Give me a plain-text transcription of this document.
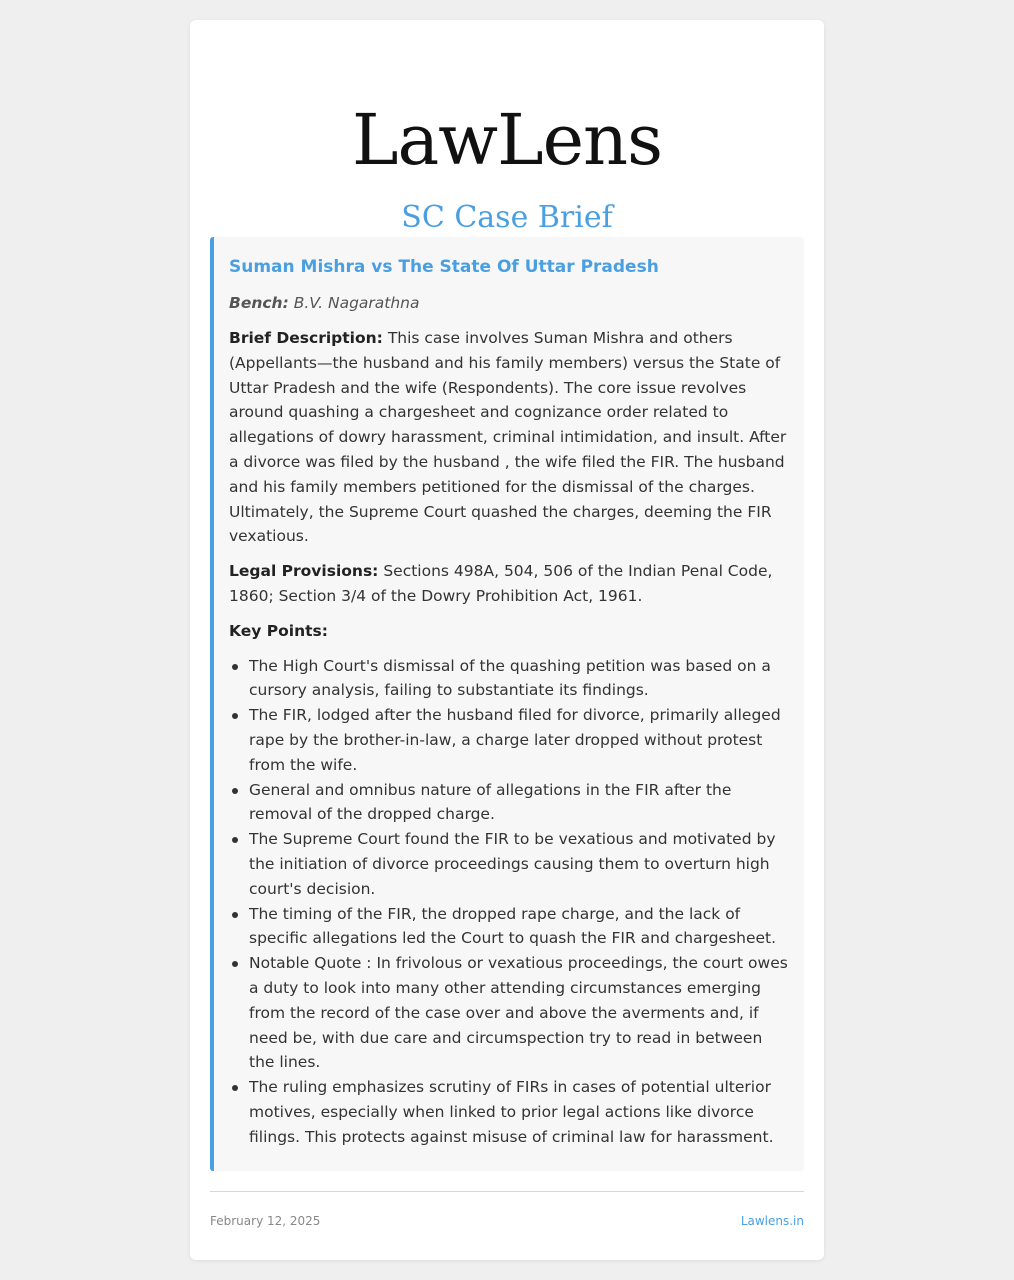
LawLens
SC Case Brief
Suman Mishra vs The State Of Uttar Pradesh
Bench: B.V. Nagarathna

Brief Description: This case involves Suman Mishra and others (Appellants—the husband and his family members) versus the State of Uttar Pradesh and the wife (Respondents). The core issue revolves around quashing a chargesheet and cognizance order related to allegations of dowry harassment, criminal intimidation, and insult. After a divorce was filed by the husband , the wife filed the FIR. The husband and his family members petitioned for the dismissal of the charges. Ultimately, the Supreme Court quashed the charges, deeming the FIR vexatious.

Legal Provisions: Sections 498A, 504, 506 of the Indian Penal Code, 1860; Section 3/4 of the Dowry Prohibition Act, 1961.

Key Points:
The High Court's dismissal of the quashing petition was based on a cursory analysis, failing to substantiate its findings.
The FIR, lodged after the husband filed for divorce, primarily alleged rape by the brother-in-law, a charge later dropped without protest from the wife.
General and omnibus nature of allegations in the FIR after the removal of the dropped charge.
The Supreme Court found the FIR to be vexatious and motivated by the initiation of divorce proceedings causing them to overturn high court's decision.
The timing of the FIR, the dropped rape charge, and the lack of specific allegations led the Court to quash the FIR and chargesheet.
Notable Quote : In frivolous or vexatious proceedings, the court owes a duty to look into many other attending circumstances emerging from the record of the case over and above the averments and, if need be, with due care and circumspection try to read in between the lines.
The ruling emphasizes scrutiny of FIRs in cases of potential ulterior motives, especially when linked to prior legal actions like divorce filings. This protects against misuse of criminal law for harassment.
February 12, 2025	Lawlens.in
